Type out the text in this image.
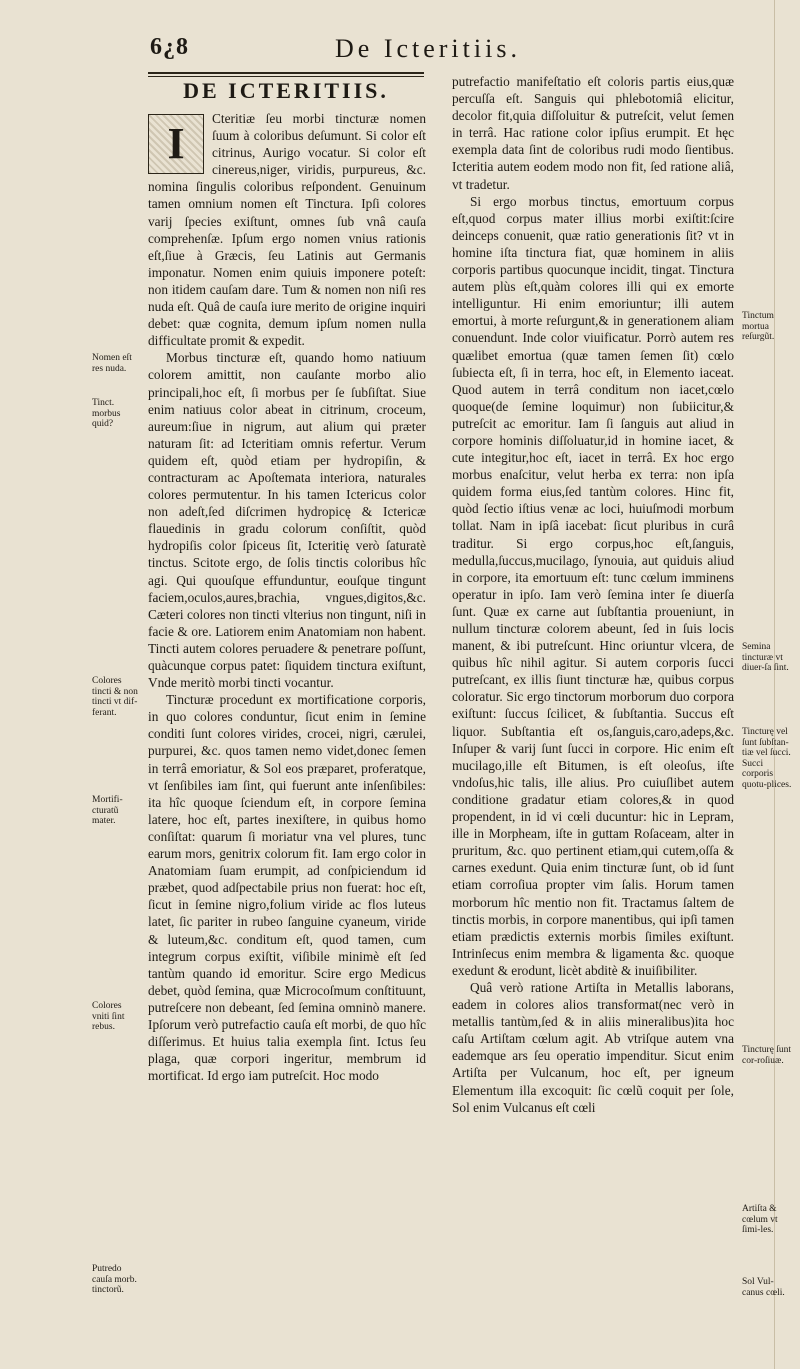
6¿8	De Icteritiis.
DE ICTERITIIS.
I

Cteritiæ ſeu morbi tincturæ nomen ſuum à coloribus deſumunt. Si color eſt citrinus, Aurigo vocatur. Si color eſt cinereus,niger, viridis, purpureus, &c. nomina ſingulis coloribus reſpondent. Genuinum tamen omnium nomen eſt Tinctura. Ipſi colores varij ſpecies exiſtunt, omnes ſub vnâ cauſa comprehenſæ. Ipſum ergo nomen vnius rationis eſt,ſiue à Græcis, ſeu Latinis aut Germanis imponatur. Nomen enim quiuis imponere poteſt: non itidem cauſam dare. Tum & nomen non niſi res nuda eſt. Quâ de cauſa iure merito de origine inquiri debet: quæ cognita, demum ipſum nomen nulla difficultate promit & expedit.

Morbus tincturæ eſt, quando homo natiuum colorem amittit, non cauſante morbo alio principali,hoc eſt, ſi morbus per ſe ſubſiſtat. Siue enim natiuus color abeat in citrinum, croceum, aureum:ſiue in nigrum, aut alium qui præter naturam ſit: ad Icteritiam omnis refertur. Verum quidem eſt, quòd etiam per hydropiſin, & contracturam ac Apoſtemata interiora, naturales colores permutentur. In his tamen Ictericus color non adeſt,ſed diſcrimen hydropicę & Ictericæ flauedinis in gradu colorum conſiſtit, quòd hydropiſis color ſpiceus ſit, Icteritię verò ſaturatè tinctus. Scitote ergo, de ſolis tinctis coloribus hîc agi. Qui quouſque effunduntur, eouſque tingunt faciem,oculos,aures,brachia, vngues,digitos,&c. Cæteri colores non tincti vlterius non tingunt, niſi in facie & ore. Latiorem enim Anatomiam non habent. Tincti autem colores peruadere & penetrare poſſunt, quàcunque corpus patet: ſiquidem tinctura exiſtunt, Vnde meritò morbi tincti vocantur.

Tincturæ procedunt ex mortificatione corporis, in quo colores conduntur, ſicut enim in ſemine conditi ſunt colores virides, crocei, nigri, cærulei, purpurei, &c. quos tamen nemo videt,donec ſemen in terrâ emoriatur, & Sol eos præparet, proferatque, vt ſenſibiles iam ſint, qui fuerunt ante inſenſibiles: ita hîc quoque ſciendum eſt, in corpore ſemina latere, hoc eſt, partes inexiſtere, in quibus homo conſiſtat: quarum ſi moriatur vna vel plures, tunc earum mors, genitrix colorum fit. Iam ergo color in Anatomiam ſuam erumpit, ad conſpiciendum id præbet, quod adſpectabile prius non fuerat: hoc eſt, ſicut in ſemine nigro,folium viride ac flos luteus latet, ſic pariter in rubeo ſanguine cyaneum, viride & luteum,&c. conditum eſt, quod tamen, cum integrum corpus exiſtit, viſibile minimè eſt ſed tantùm quando id emoritur. Scire ergo Medicus debet, quòd ſemina, quæ Microcoſmum conſtituunt, putreſcere non debeant, ſed ſemina omninò manere. Ipſorum verò putrefactio cauſa eſt morbi, de quo hîc diſſerimus. Et huius talia exempla ſint. Ictus ſeu plaga, quæ corpori ingeritur, membrum id mortificat. Id ergo iam putreſcit. Hoc modo

putrefactio manifeſtatio eſt coloris partis eius,quæ percuſſa eſt. Sanguis qui phlebotomiâ elicitur, decolor fit,quia diſſoluitur & putreſcit, velut ſemen in terrâ. Hac ratione color ipſius erumpit. Et hęc exempla data ſint de coloribus rudi modo ſientibus. Icteritia autem eodem modo non fit, ſed ratione aliâ, vt tradetur.

Si ergo morbus tinctus, emortuum corpus eſt,quod corpus mater illius morbi exiſtit:ſcire deinceps conuenit, quæ ratio generationis ſit? vt in homine iſta tinctura fiat, quæ hominem in aliis corporis partibus quocunque incidit, tingat. Tinctura autem plùs eſt,quàm colores illi qui ex emorte intelliguntur. Hi enim emoriuntur; illi autem emortui, à morte reſurgunt,& in generationem aliam conuendunt. Inde color viuificatur. Porrò autem res quælibet emortua (quæ tamen ſemen ſit) cœlo ſubiecta eſt, ſi in terra, hoc eſt, in Elemento iaceat. Quod autem in terrâ conditum non iacet,cœlo quoque(de ſemine loquimur) non ſubiicitur,& putreſcit ac emoritur. Iam ſi ſanguis aut aliud in corpore hominis diſſoluatur,id in homine iacet, & cute integitur,hoc eſt, iacet in terrâ. Ex hoc ergo morbus enaſcitur, velut herba ex terra: non ipſa quidem forma eius,ſed tantùm colores. Hinc fit, quòd ſectio iſtius venæ ac loci, huiuſmodi morbum tollat. Nam in ipſâ iacebat: ſicut pluribus in curâ traditur. Si ergo corpus,hoc eſt,ſanguis, medulla,ſuccus,mucilago, ſynouia, aut quiduis aliud in corpore, ita emortuum eſt: tunc cœlum imminens operatur in ipſo. Iam verò ſemina inter ſe diuerſa ſunt. Quæ ex carne aut ſubſtantia proueniunt, in nullum tincturæ colorem abeunt, ſed in ſuis locis manent, & ibi putreſcunt. Hinc oriuntur vlcera, de quibus hîc nihil agitur. Si autem corporis ſucci putreſcant, ex illis ſiunt tincturæ hæ, quibus corpus coloratur. Sic ergo tinctorum morborum duo corpora exiſtunt: ſuccus ſcilicet, & ſubſtantia. Succus eſt liquor. Subſtantia eſt os,ſanguis,caro,adeps,&c. Inſuper & varij ſunt ſucci in corpore. Hic enim eſt mucilago,ille eſt Bitumen, is eſt oleoſus, iſte vndoſus,hic talis, ille alius. Pro cuiuſlibet autem conditione gradatur etiam colores,& in quod propendent, in id vi cœli ducuntur: hic in Lepram, ille in Morpheam, iſte in guttam Roſaceam, alter in pruritum, &c. quo pertinent etiam,qui cutem,oſſa & carnes exedunt. Quia enim tincturæ ſunt, ob id ſunt etiam corroſiua propter vim ſalis. Horum tamen morborum hîc mentio non fit. Tractamus ſaltem de tinctis morbis, in corpore manentibus, qui ipſi tamen etiam prædictis externis morbis ſimiles exiſtunt. Intrinſecus enim membra & ligamenta &c. quoque exedunt & erodunt, licèt abditè & inuiſibiliter.

Quâ verò ratione Artiſta in Metallis laborans, eadem in colores alios transformat(nec verò in metallis tantùm,ſed & in aliis mineralibus)ita hoc caſu Artiſtam cœlum agit. Ab vtriſque autem vna eademque ars ſeu operatio impenditur. Sicut enim Artiſta per Vulcanum, hoc eſt, per igneum Elementum illa excoquit: ſic cœlũ coquit per ſole, Sol enim Vulcanus eſt cœli

Nomen eſt res nuda.
Tinct. morbus quid?
Colores tincti & non tincti vt dif-ferant.
Mortifi-cturatũ mater.
Colores vniti ſint rebus.
Putredo cauſa morb. tinctorũ.
Tinctum mortua reſurgũt.
Semina tincturæ vt diuer-ſa ſint.
Tincturę vel ſunt ſubſtan-tiæ vel ſucci. Succi corporis quotu-plices.
Tincturę ſunt cor-roſiuæ.
Artiſta & cœlum vt ſimi-les.
Sol Vul-canus cœli.
